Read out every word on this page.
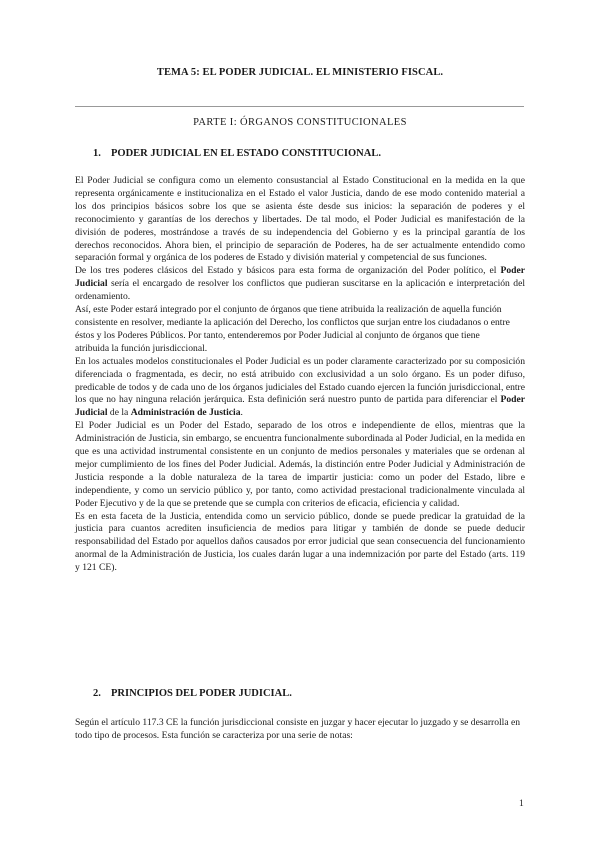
TEMA 5: EL PODER JUDICIAL. EL MINISTERIO FISCAL.
PARTE I: ÓRGANOS CONSTITUCIONALES
1. PODER JUDICIAL EN EL ESTADO CONSTITUCIONAL.

El Poder Judicial se configura como un elemento consustancial al Estado Constitucional en la medida en la que representa orgánicamente e institucionaliza en el Estado el valor Justicia, dando de ese modo contenido material a los dos principios básicos sobre los que se asienta éste desde sus inicios: la separación de poderes y el reconocimiento y garantías de los derechos y libertades. De tal modo, el Poder Judicial es manifestación de la división de poderes, mostrándose a través de su independencia del Gobierno y es la principal garantía de los derechos reconocidos. Ahora bien, el principio de separación de Poderes, ha de ser actualmente entendido como separación formal y orgánica de los poderes de Estado y división material y competencial de sus funciones.

De los tres poderes clásicos del Estado y básicos para esta forma de organización del Poder político, el Poder Judicial sería el encargado de resolver los conflictos que pudieran suscitarse en la aplicación e interpretación del ordenamiento.

Así, este Poder estará integrado por el conjunto de órganos que tiene atribuida la realización de aquella función consistente en resolver, mediante la aplicación del Derecho, los conflictos que surjan entre los ciudadanos o entre éstos y los Poderes Públicos. Por tanto, entenderemos por Poder Judicial al conjunto de órganos que tiene

atribuida la función jurisdiccional.

En los actuales modelos constitucionales el Poder Judicial es un poder claramente caracterizado por su composición diferenciada o fragmentada, es decir, no está atribuido con exclusividad a un solo órgano. Es un poder difuso, predicable de todos y de cada uno de los órganos judiciales del Estado cuando ejercen la función jurisdiccional, entre los que no hay ninguna relación jerárquica. Esta definición será nuestro punto de partida para diferenciar el Poder Judicial de la Administración de Justicia.

El Poder Judicial es un Poder del Estado, separado de los otros e independiente de ellos, mientras que la Administración de Justicia, sin embargo, se encuentra funcionalmente subordinada al Poder Judicial, en la medida en que es una actividad instrumental consistente en un conjunto de medios personales y materiales que se ordenan al mejor cumplimiento de los fines del Poder Judicial. Además, la distinción entre Poder Judicial y Administración de Justicia responde a la doble naturaleza de la tarea de impartir justicia: como un poder del Estado, libre e independiente, y como un servicio público y, por tanto, como actividad prestacional tradicionalmente vinculada al Poder Ejecutivo y de la que se pretende que se cumpla con criterios de eficacia, eficiencia y calidad.

Es en esta faceta de la Justicia, entendida como un servicio público, donde se puede predicar la gratuidad de la justicia para cuantos acrediten insuficiencia de medios para litigar y también de donde se puede deducir responsabilidad del Estado por aquellos daños causados por error judicial que sean consecuencia del funcionamiento anormal de la Administración de Justicia, los cuales darán lugar a una indemnización por parte del Estado (arts. 119 y 121 CE).

2. PRINCIPIOS DEL PODER JUDICIAL.

Según el artículo 117.3 CE la función jurisdiccional consiste en juzgar y hacer ejecutar lo juzgado y se desarrolla en todo tipo de procesos. Esta función se caracteriza por una serie de notas:

1
